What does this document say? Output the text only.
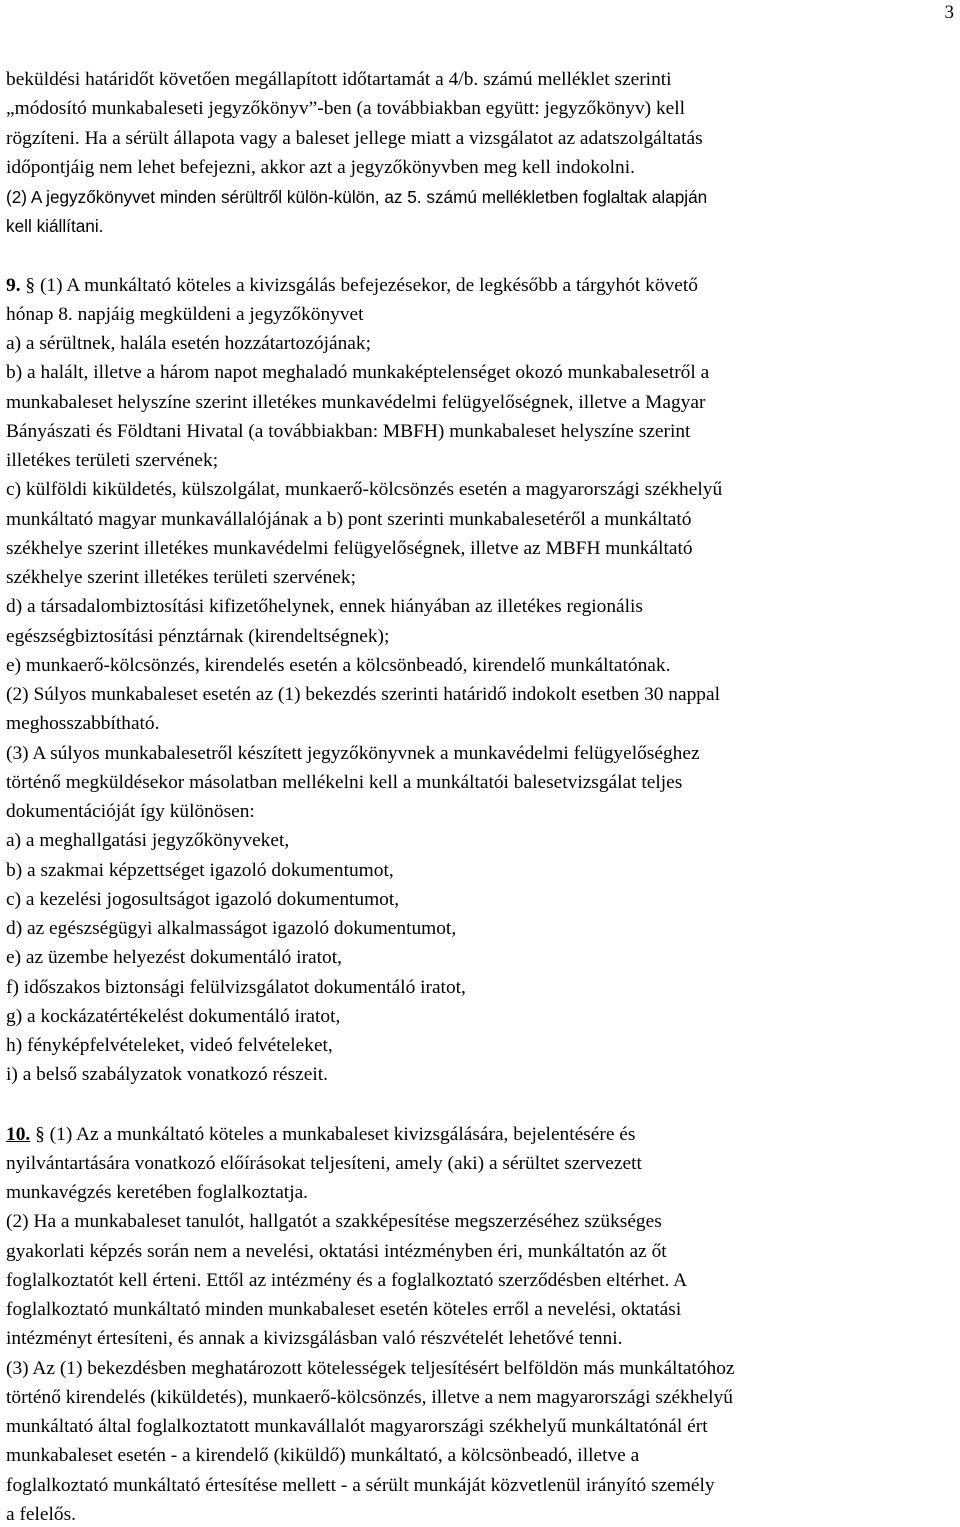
3
beküldési határidőt követően megállapított időtartamát a 4/b. számú melléklet szerinti
„módosító munkabaleseti jegyzőkönyv”-ben (a továbbiakban együtt: jegyzőkönyv) kell
rögzíteni. Ha a sérült állapota vagy a baleset jellege miatt a vizsgálatot az adatszolgáltatás
időpontjáig nem lehet befejezni, akkor azt a jegyzőkönyvben meg kell indokolni.
(2) A jegyzőkönyvet minden sérültről külön-külön, az 5. számú mellékletben foglaltak alapján
kell kiállítani.
9. § (1) A munkáltató köteles a kivizsgálás befejezésekor, de legkésőbb a tárgyhót követő
hónap 8. napjáig megküldeni a jegyzőkönyvet
a) a sérültnek, halála esetén hozzátartozójának;
b) a halált, illetve a három napot meghaladó munkaképtelenséget okozó munkabalesetről a
munkabaleset helyszíne szerint illetékes munkavédelmi felügyelőségnek, illetve a Magyar
Bányászati és Földtani Hivatal (a továbbiakban: MBFH) munkabaleset helyszíne szerint
illetékes területi szervének;
c) külföldi kiküldetés, külszolgálat, munkaerő-kölcsönzés esetén a magyarországi székhelyű
munkáltató magyar munkavállalójának a b) pont szerinti munkabalesetéről a munkáltató
székhelye szerint illetékes munkavédelmi felügyelőségnek, illetve az MBFH munkáltató
székhelye szerint illetékes területi szervének;
d) a társadalombiztosítási kifizetőhelynek, ennek hiányában az illetékes regionális
egészségbiztosítási pénztárnak (kirendeltségnek);
e) munkaerő-kölcsönzés, kirendelés esetén a kölcsönbeadó, kirendelő munkáltatónak.
(2) Súlyos munkabaleset esetén az (1) bekezdés szerinti határidő indokolt esetben 30 nappal
meghosszabbítható.
(3) A súlyos munkabalesetről készített jegyzőkönyvnek a munkavédelmi felügyelőséghez
történő megküldésekor másolatban mellékelni kell a munkáltatói balesetvizsgálat teljes
dokumentációját így különösen:
a) a meghallgatási jegyzőkönyveket,
b) a szakmai képzettséget igazoló dokumentumot,
c) a kezelési jogosultságot igazoló dokumentumot,
d) az egészségügyi alkalmasságot igazoló dokumentumot,
e) az üzembe helyezést dokumentáló iratot,
f) időszakos biztonsági felülvizsgálatot dokumentáló iratot,
g) a kockázatértékelést dokumentáló iratot,
h) fényképfelvételeket, videó felvételeket,
i) a belső szabályzatok vonatkozó részeit.
10. § (1) Az a munkáltató köteles a munkabaleset kivizsgálására, bejelentésére és
nyilvántartására vonatkozó előírásokat teljesíteni, amely (aki) a sérültet szervezett
munkavégzés keretében foglalkoztatja.
(2) Ha a munkabaleset tanulót, hallgatót a szakképesítése megszerzéséhez szükséges
gyakorlati képzés során nem a nevelési, oktatási intézményben éri, munkáltatón az őt
foglalkoztatót kell érteni. Ettől az intézmény és a foglalkoztató szerződésben eltérhet. A
foglalkoztató munkáltató minden munkabaleset esetén köteles erről a nevelési, oktatási
intézményt értesíteni, és annak a kivizsgálásban való részvételét lehetővé tenni.
(3) Az (1) bekezdésben meghatározott kötelességek teljesítésért belföldön más munkáltatóhoz
történő kirendelés (kiküldetés), munkaerő-kölcsönzés, illetve a nem magyarországi székhelyű
munkáltató által foglalkoztatott munkavállalót magyarországi székhelyű munkáltatónál ért
munkabaleset esetén - a kirendelő (kiküldő) munkáltató, a kölcsönbeadó, illetve a
foglalkoztató munkáltató értesítése mellett - a sérült munkáját közvetlenül irányító személy
a felelős.
